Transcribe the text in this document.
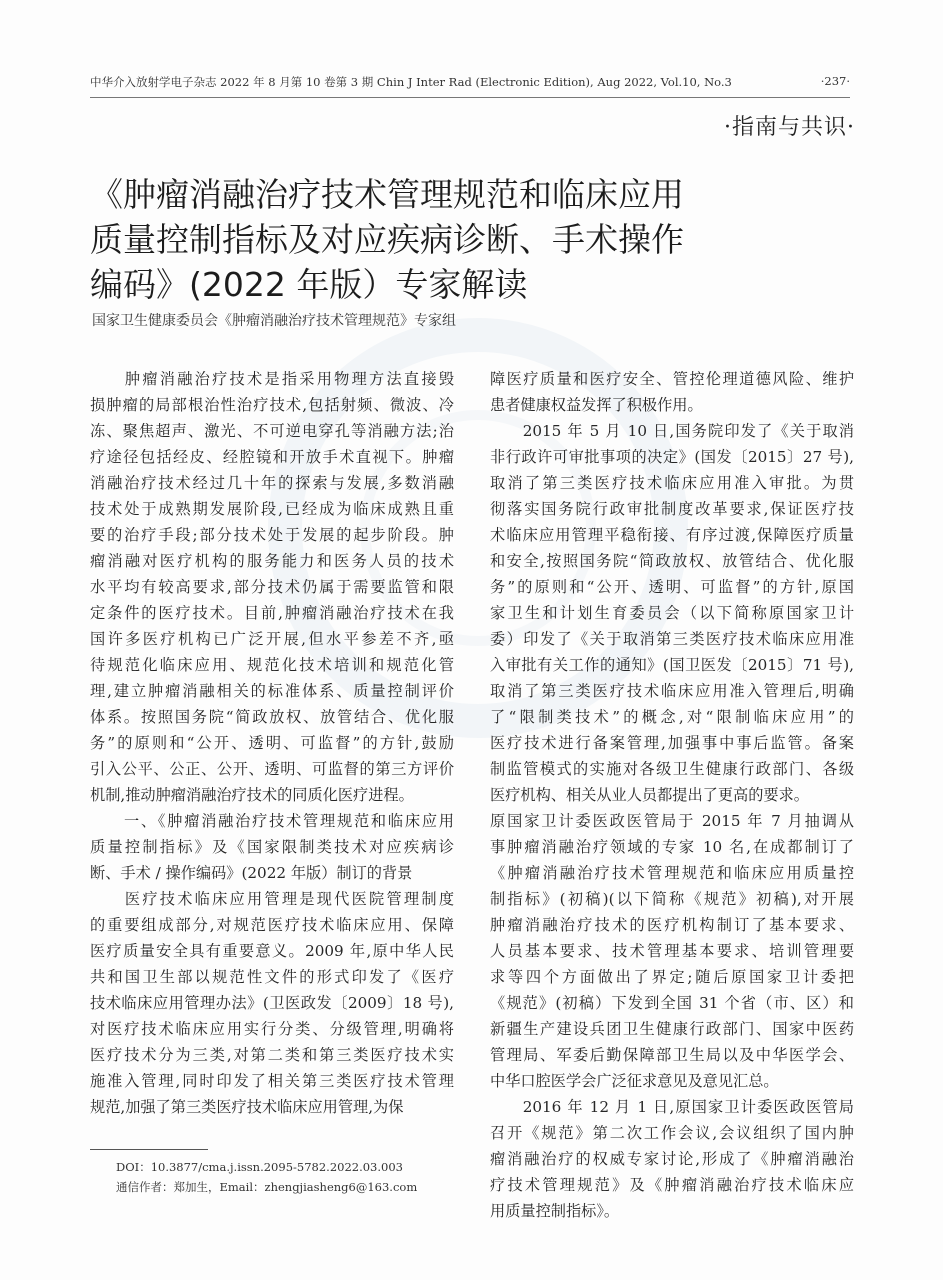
中华介入放射学电子杂志 2022 年 8 月第 10 卷第 3 期 Chin J Inter Rad (Electronic Edition), Aug 2022, Vol.10, No.3	·237·
·指南与共识·
《肿瘤消融治疗技术管理规范和临床应用
质量控制指标及对应疾病诊断、手术操作
编码》(2022 年版）专家解读
国家卫生健康委员会《肿瘤消融治疗技术管理规范》专家组
　　肿瘤消融治疗技术是指采用物理方法直接毁
损肿瘤的局部根治性治疗技术,包括射频、微波、冷
冻、聚焦超声、激光、不可逆电穿孔等消融方法;治
疗途径包括经皮、经腔镜和开放手术直视下。肿瘤
消融治疗技术经过几十年的探索与发展,多数消融
技术处于成熟期发展阶段,已经成为临床成熟且重
要的治疗手段;部分技术处于发展的起步阶段。肿
瘤消融对医疗机构的服务能力和医务人员的技术
水平均有较高要求,部分技术仍属于需要监管和限
定条件的医疗技术。目前,肿瘤消融治疗技术在我
国许多医疗机构已广泛开展,但水平参差不齐,亟
待规范化临床应用、规范化技术培训和规范化管
理,建立肿瘤消融相关的标准体系、质量控制评价
体系。按照国务院“简政放权、放管结合、优化服
务”的原则和“公开、透明、可监督”的方针,鼓励
引入公平、公正、公开、透明、可监督的第三方评价
机制,推动肿瘤消融治疗技术的同质化医疗进程。
　　一、《肿瘤消融治疗技术管理规范和临床应用
质量控制指标》及《国家限制类技术对应疾病诊
断、手术 / 操作编码》(2022 年版）制订的背景
　　医疗技术临床应用管理是现代医院管理制度
的重要组成部分,对规范医疗技术临床应用、保障
医疗质量安全具有重要意义。2009 年,原中华人民
共和国卫生部以规范性文件的形式印发了《医疗
技术临床应用管理办法》(卫医政发〔2009〕18 号),
对医疗技术临床应用实行分类、分级管理,明确将
医疗技术分为三类,对第二类和第三类医疗技术实
施准入管理,同时印发了相关第三类医疗技术管理
规范,加强了第三类医疗技术临床应用管理,为保
障医疗质量和医疗安全、管控伦理道德风险、维护
患者健康权益发挥了积极作用。
　　2015 年 5 月 10 日,国务院印发了《关于取消
非行政许可审批事项的决定》(国发〔2015〕27 号),
取消了第三类医疗技术临床应用准入审批。为贯
彻落实国务院行政审批制度改革要求,保证医疗技
术临床应用管理平稳衔接、有序过渡,保障医疗质量
和安全,按照国务院“简政放权、放管结合、优化服
务”的原则和“公开、透明、可监督”的方针,原国
家卫生和计划生育委员会（以下简称原国家卫计
委）印发了《关于取消第三类医疗技术临床应用准
入审批有关工作的通知》(国卫医发〔2015〕71 号),
取消了第三类医疗技术临床应用准入管理后,明确
了“限制类技术”的概念,对“限制临床应用”的
医疗技术进行备案管理,加强事中事后监管。备案
制监管模式的实施对各级卫生健康行政部门、各级
医疗机构、相关从业人员都提出了更高的要求。
原国家卫计委医政医管局于 2015 年 7 月抽调从
事肿瘤消融治疗领域的专家 10 名,在成都制订了
《肿瘤消融治疗技术管理规范和临床应用质量控
制指标》(初稿)(以下简称《规范》初稿),对开展
肿瘤消融治疗技术的医疗机构制订了基本要求、
人员基本要求、技术管理基本要求、培训管理要
求等四个方面做出了界定;随后原国家卫计委把
《规范》(初稿）下发到全国 31 个省（市、区）和
新疆生产建设兵团卫生健康行政部门、国家中医药
管理局、军委后勤保障部卫生局以及中华医学会、
中华口腔医学会广泛征求意见及意见汇总。
　　2016 年 12 月 1 日,原国家卫计委医政医管局
召开《规范》第二次工作会议,会议组织了国内肿
瘤消融治疗的权威专家讨论,形成了《肿瘤消融治
疗技术管理规范》及《肿瘤消融治疗技术临床应
用质量控制指标》。
DOI：10.3877/cma.j.issn.2095-5782.2022.03.003
通信作者：郑加生，Email：zhengjiasheng6@163.com
